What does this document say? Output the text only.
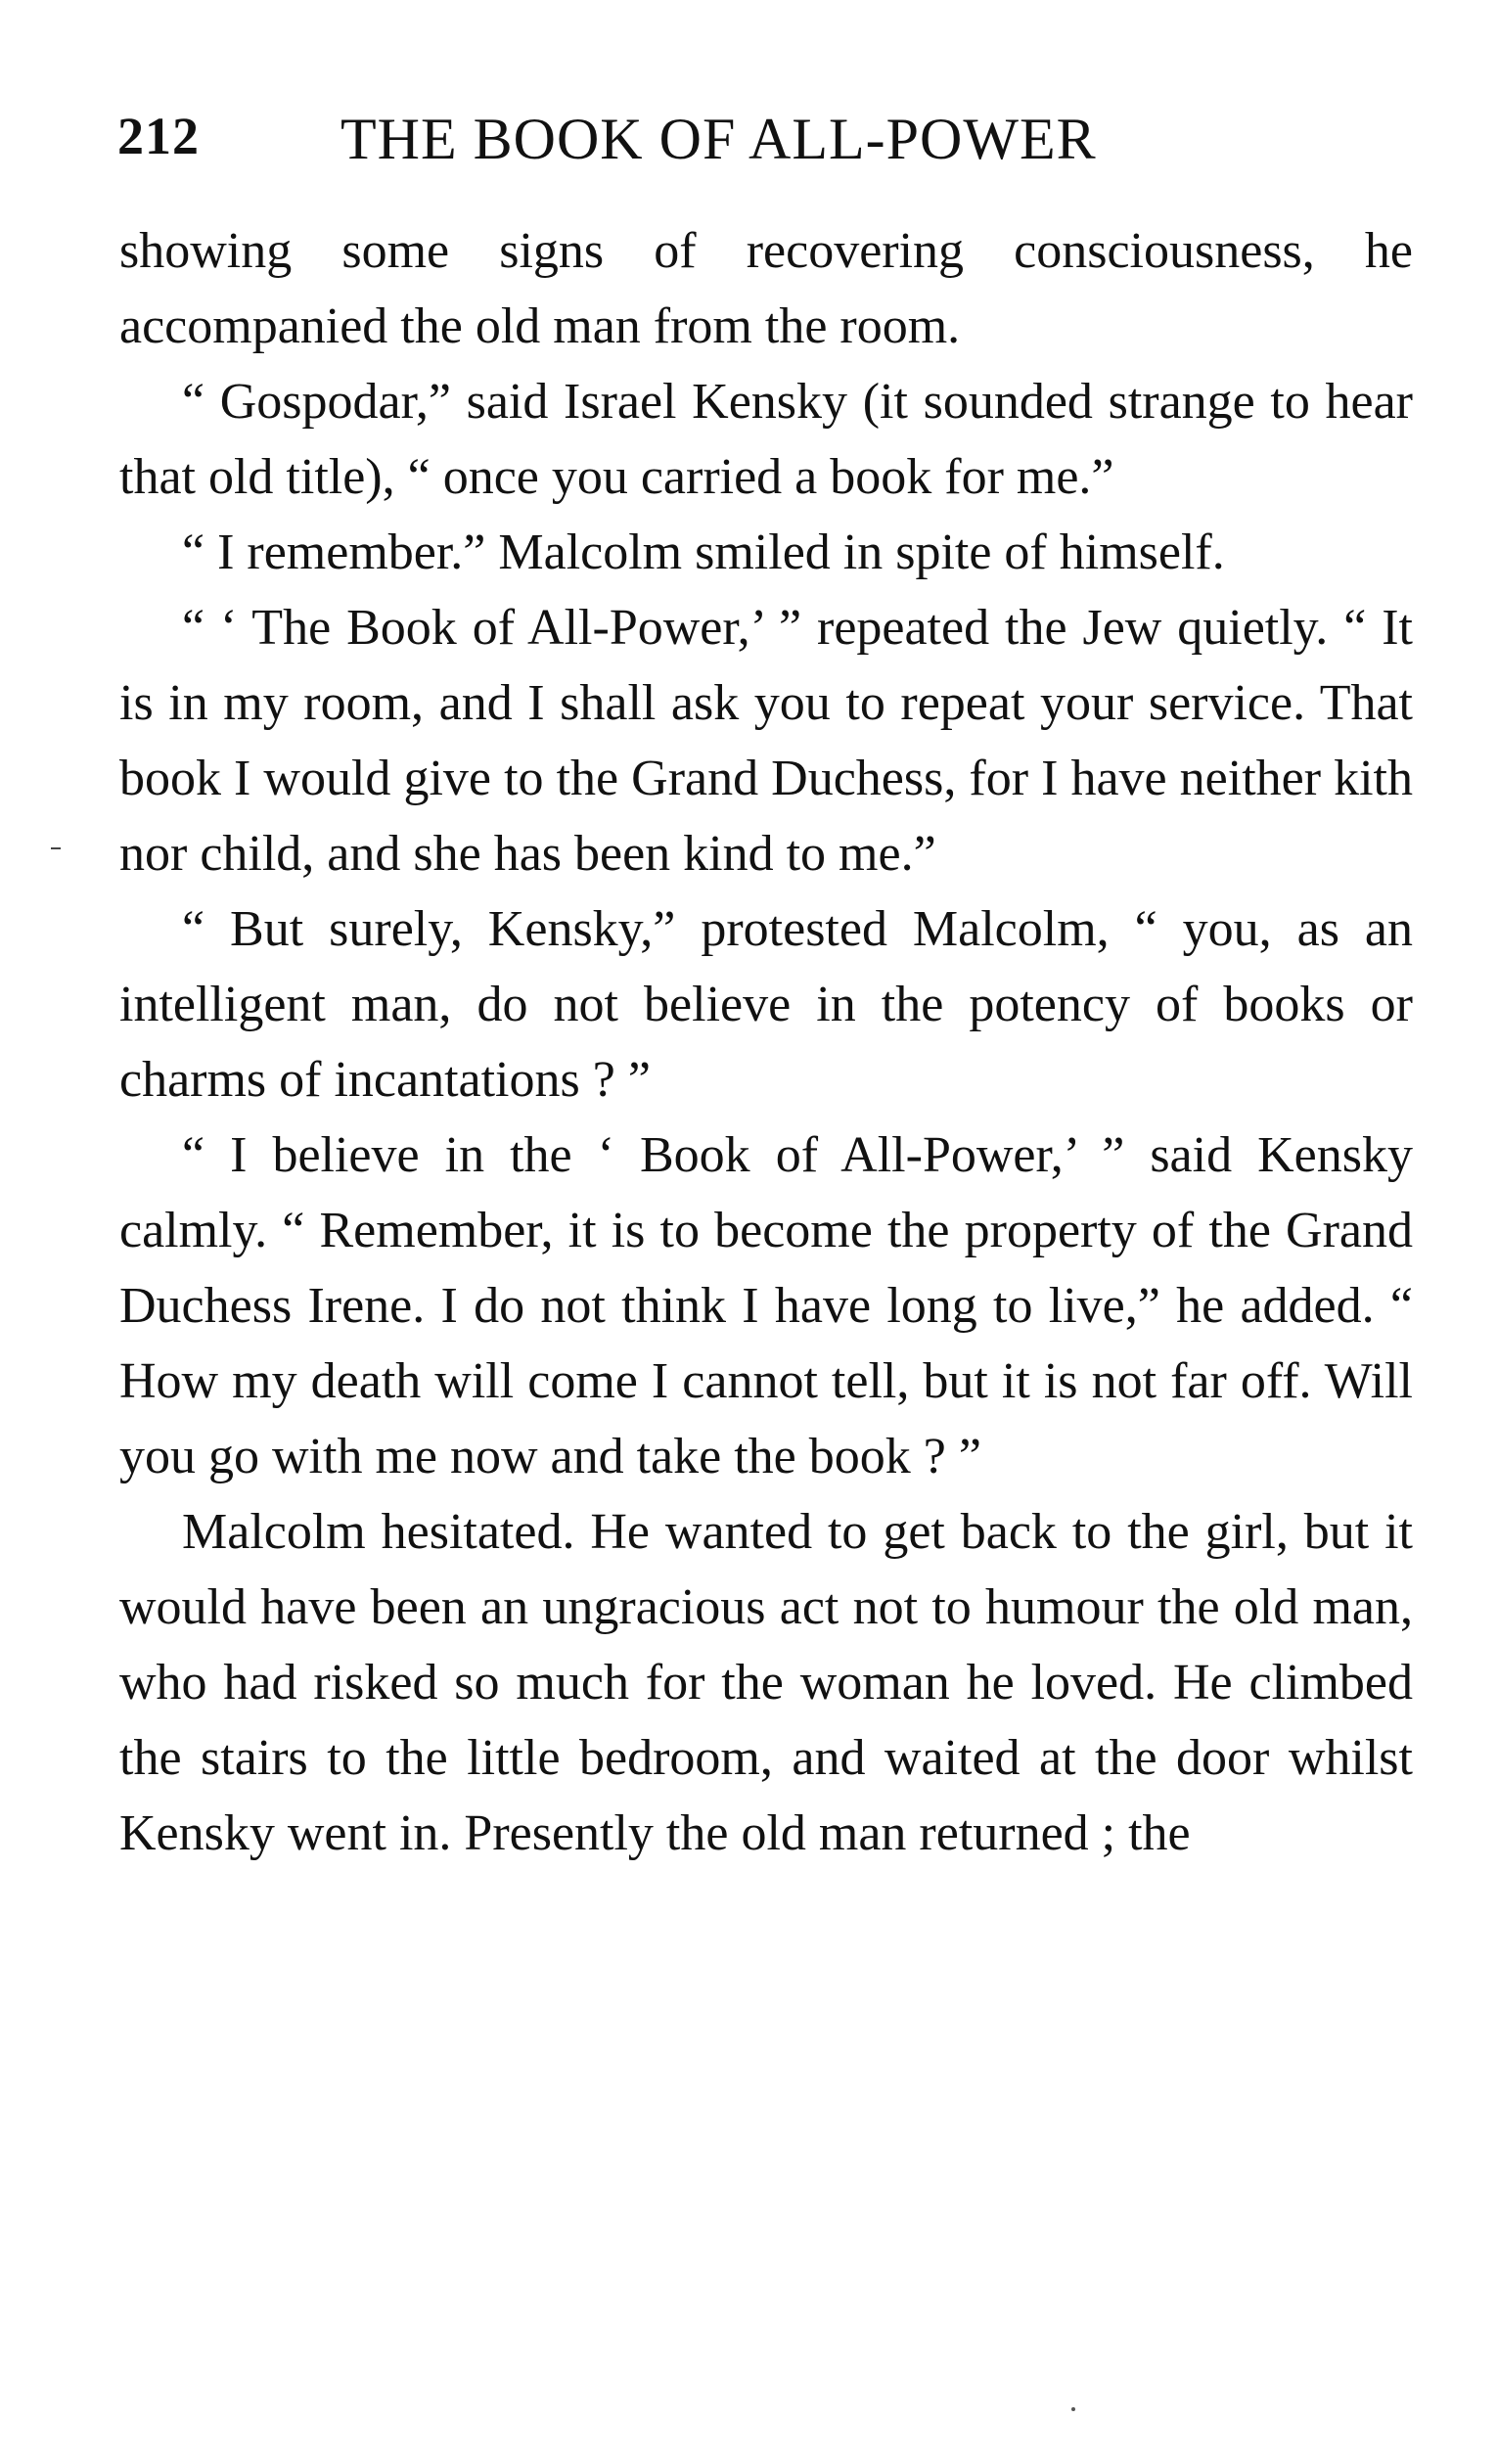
212 THE BOOK OF ALL-POWER

showing some signs of recovering consciousness, he accompanied the old man from the room.

“ Gospodar,” said Israel Kensky (it sounded strange to hear that old title), “ once you carried a book for me.”

“ I remember.” Malcolm smiled in spite of himself.

“ ‘ The Book of All-Power,’ ” repeated the Jew quietly. “ It is in my room, and I shall ask you to repeat your service. That book I would give to the Grand Duchess, for I have neither kith nor child, and she has been kind to me.”

“ But surely, Kensky,” protested Malcolm, “ you, as an intelligent man, do not believe in the potency of books or charms of incantations ? ”

“ I believe in the ‘ Book of All-Power,’ ” said Kensky calmly. “ Remember, it is to become the property of the Grand Duchess Irene. I do not think I have long to live,” he added. “ How my death will come I cannot tell, but it is not far off. Will you go with me now and take the book ? ”

Malcolm hesitated. He wanted to get back to the girl, but it would have been an ungracious act not to humour the old man, who had risked so much for the woman he loved. He climbed the stairs to the little bedroom, and waited at the door whilst Kensky went in. Presently the old man returned ; the
